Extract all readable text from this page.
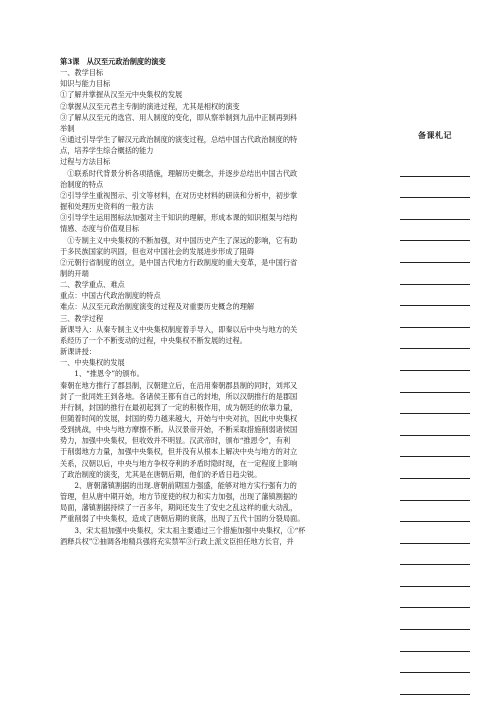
第3课　从汉至元政治制度的演变
一、教学目标
知识与能力目标
①了解并掌握从汉至元中央集权的发展
②掌握从汉至元君主专制的演进过程，尤其是相权的演变
③了解从汉至元的选官、用人制度的变化，即从察举制到九品中正制再到科
举制
④通过引导学生了解汉元政治制度的演变过程，总结中国古代政治制度的特
点，培养学生综合概括的能力
过程与方法目标
　①联系时代背景分析各项措施，理解历史概念，并逐步总结出中国古代政
治制度的特点
②引导学生重视图示、引文等材料，在对历史材料的研读和分析中，初步掌
握和处理历史资料的一般方法
③引导学生运用图标法加强对主干知识的理解，形成本课的知识框架与结构
情感、态度与价值观目标
　①专制主义中央集权的不断加强，对中国历史产生了深远的影响，它有助
于多民族国家的巩固，但也对中国社会的发展进步形成了阻碍
②元朝行省制度的创立，是中国古代地方行政制度的重大变革，是中国行省
制的开端
二、教学重点、难点
重点：中国古代政治制度的特点
难点：从汉至元政治制度演变的过程及对重要历史概念的理解
三、教学过程
新课导入：从秦专制主义中央集权制度着手导入，即秦以后中央与地方的关
系经历了一个不断变动的过程，中央集权不断发展的过程。
新课讲授：
一、中央集权的发展
　　1、“推恩令”的颁布。
秦朝在地方推行了郡县制，汉朝建立后，在沿用秦朝郡县制的同时，刘邦又
封了一批同姓王到各地。各诸侯王都有自己的封地，所以汉朝推行的是郡国
并行制，封国的推行在最初起到了一定的积极作用，成为朝廷的依靠力量，
但随着时间的发展，封国的势力越来越大，开始与中央对抗，因此中央集权
受到挑战，中央与地方摩擦不断。从汉景帝开始，不断采取措施削弱诸侯国
势力，加强中央集权，但收效并不明显。汉武帝时，颁布“推恩令”，有利
于削弱地方力量，加强中央集权，但并没有从根本上解决中央与地方的对立
关系，汉朝以后，中央与地方争权夺利的矛盾时隐时现，在一定程度上影响
了政治制度的演变，尤其是在唐朝后期，他们的矛盾日趋尖锐。
　　2、唐朝藩镇割据的出现.唐朝前期国力强盛，能够对地方实行强有力的
管理，但从唐中期开始，地方节度使的权力和实力加强，出现了藩镇割据的
局面，藩镇割据持续了一百多年，期间还发生了安史之乱这样的重大动乱，
严重削弱了中央集权，造成了唐朝后期的衰落，出现了五代十国的分裂局面。
　　3、宋太祖加强中央集权，宋太祖主要通过三个措施加强中央集权，①“杯
酒释兵权”②抽调各地精兵强将充实禁军③行政上派文臣担任地方长官，并
备课札记
